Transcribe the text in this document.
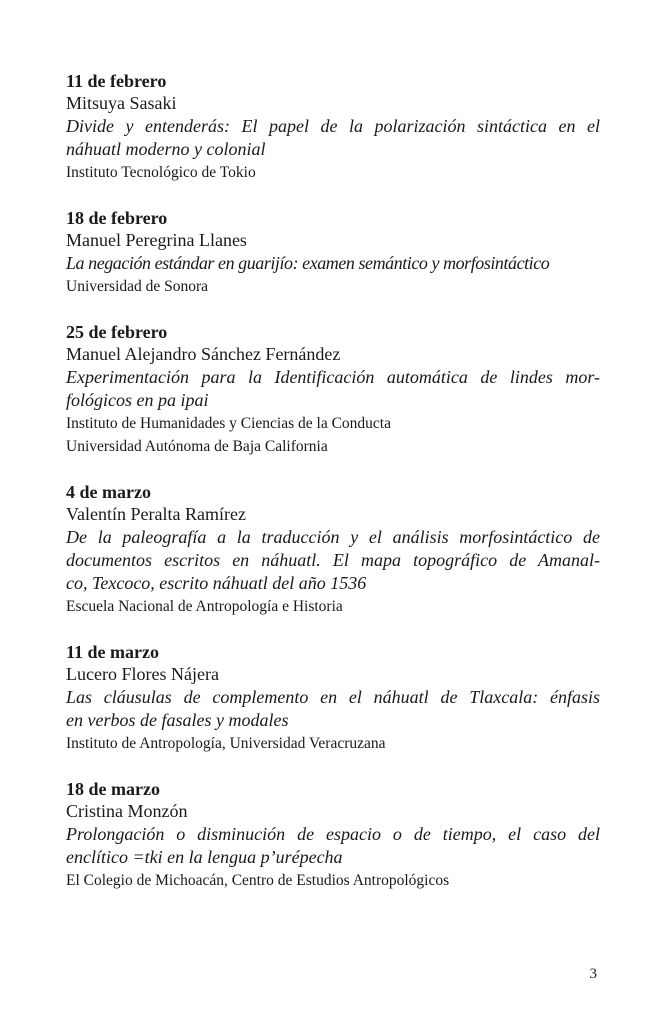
11 de febrero
Mitsuya Sasaki
Divide y entenderás: El papel de la polarización sintáctica en el
náhuatl moderno y colonial
Instituto Tecnológico de Tokio
18 de febrero
Manuel Peregrina Llanes
La negación estándar en guarijío: examen semántico y morfosintáctico
Universidad de Sonora
25 de febrero
Manuel Alejandro Sánchez Fernández
Experimentación para la Identificación automática de lindes mor-
fológicos en pa ipai
Instituto de Humanidades y Ciencias de la Conducta
Universidad Autónoma de Baja California
4 de marzo
Valentín Peralta Ramírez
De la paleografía a la traducción y el análisis morfosintáctico de
documentos escritos en náhuatl. El mapa topográfico de Amanal-
co, Texcoco, escrito náhuatl del año 1536
Escuela Nacional de Antropología e Historia
11 de marzo
Lucero Flores Nájera
Las cláusulas de complemento en el náhuatl de Tlaxcala: énfasis
en verbos de fasales y modales
Instituto de Antropología, Universidad Veracruzana
18 de marzo
Cristina Monzón
Prolongación o disminución de espacio o de tiempo, el caso del
enclítico =tki en la lengua p’urépecha
El Colegio de Michoacán, Centro de Estudios Antropológicos
3
